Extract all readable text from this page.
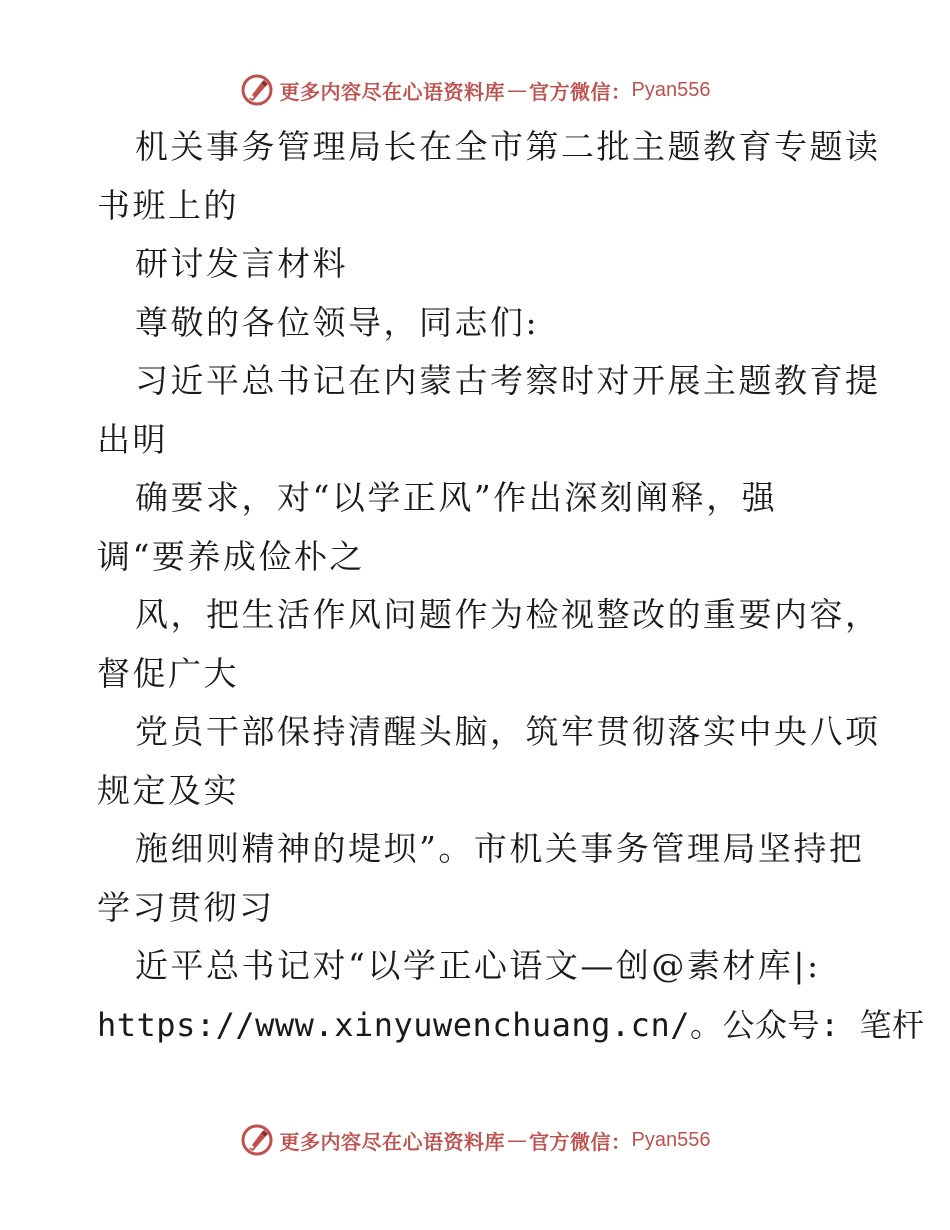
更多内容尽在心语资料库 — 官方微信： Pyan556
机关事务管理局长在全市第二批主题教育专题读
书班上的
研讨发言材料
尊敬的各位领导，同志们:
习近平总书记在内蒙古考察时对开展主题教育提
出明
确要求，对“以学正风”作出深刻阐释，强
调“要养成俭朴之
风，把生活作风问题作为检视整改的重要内容，
督促广大
党员干部保持清醒头脑，筑牢贯彻落实中央八项
规定及实
施细则精神的堤坝”。市机关事务管理局坚持把
学习贯彻习
近平总书记对“以学正心语文—创@素材库|:
https://www.xinyuwenchuang.cn/。公众号: 笔杆
更多内容尽在心语资料库 — 官方微信： Pyan556
